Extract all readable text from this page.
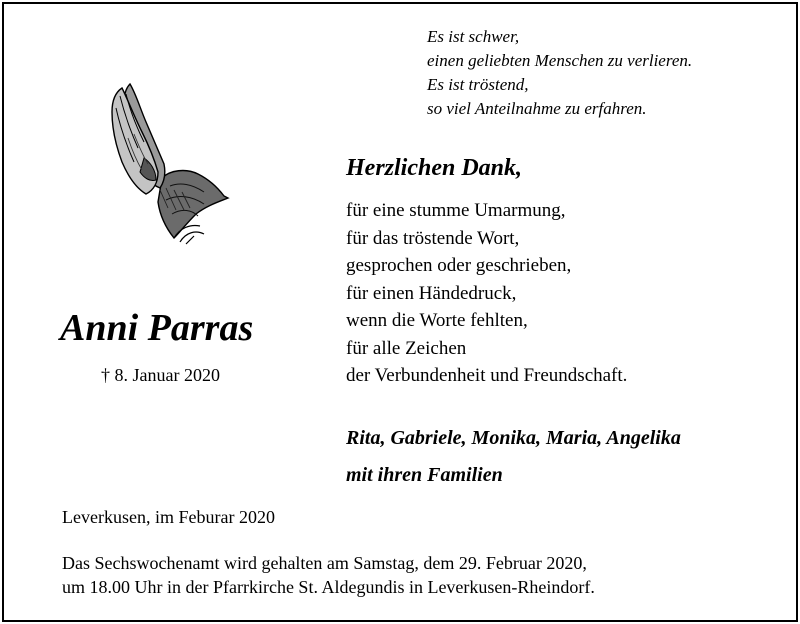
Es ist schwer,
einen geliebten Menschen zu verlieren.
Es ist tröstend,
so viel Anteilnahme zu erfahren.
Herzlichen Dank,
für eine stumme Umarmung,
für das tröstende Wort,
gesprochen oder geschrieben,
für einen Händedruck,
wenn die Worte fehlten,
für alle Zeichen
der Verbundenheit und Freundschaft.
Anni Parras
† 8. Januar 2020
Rita, Gabriele, Monika, Maria, Angelika
mit ihren Familien
Leverkusen, im Feburar 2020
Das Sechswochenamt wird gehalten am Samstag, dem 29. Februar 2020,
um 18.00 Uhr in der Pfarrkirche St. Aldegundis in Leverkusen-Rheindorf.
